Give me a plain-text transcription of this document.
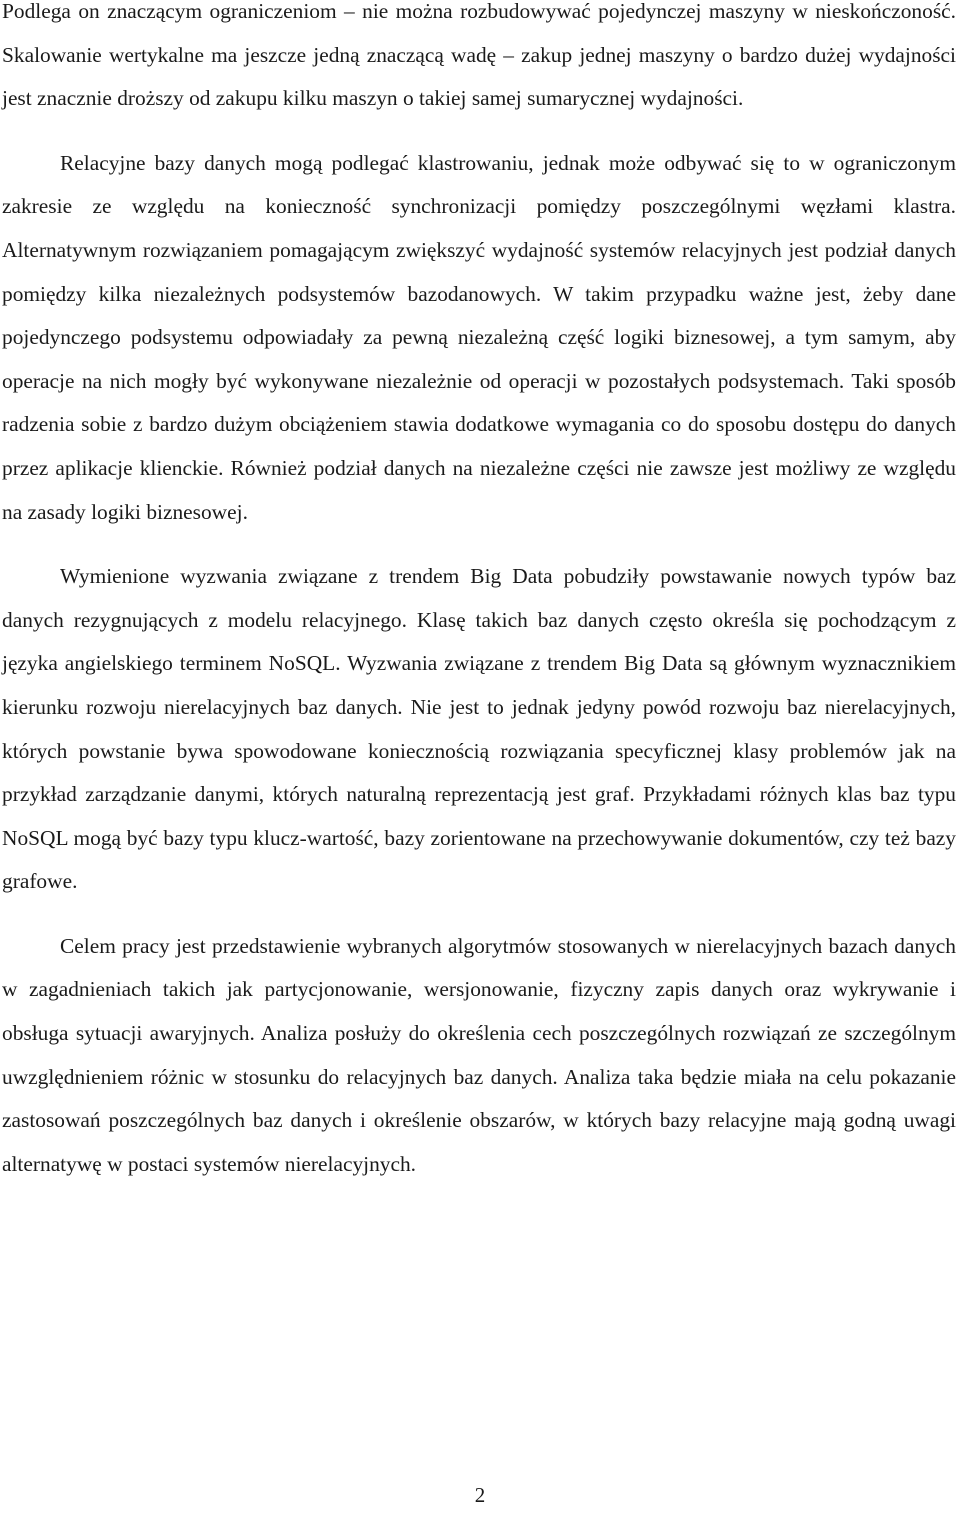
Podlega on znaczącym ograniczeniom – nie można rozbudowywać pojedynczej maszyny w nieskończoność. Skalowanie wertykalne ma jeszcze jedną znaczącą wadę – zakup jednej maszyny o bardzo dużej wydajności jest znacznie droższy od zakupu kilku maszyn o takiej samej sumarycznej wydajności.

Relacyjne bazy danych mogą podlegać klastrowaniu, jednak może odbywać się to w ograniczonym zakresie ze względu na konieczność synchronizacji pomiędzy poszczególnymi węzłami klastra. Alternatywnym rozwiązaniem pomagającym zwiększyć wydajność systemów relacyjnych jest podział danych pomiędzy kilka niezależnych podsystemów bazodanowych. W takim przypadku ważne jest, żeby dane pojedynczego podsystemu odpowiadały za pewną niezależną część logiki biznesowej, a tym samym, aby operacje na nich mogły być wykonywane niezależnie od operacji w pozostałych podsystemach. Taki sposób radzenia sobie z bardzo dużym obciążeniem stawia dodatkowe wymagania co do sposobu dostępu do danych przez aplikacje klienckie. Również podział danych na niezależne części nie zawsze jest możliwy ze względu na zasady logiki biznesowej.

Wymienione wyzwania związane z trendem Big Data pobudziły powstawanie nowych typów baz danych rezygnujących z modelu relacyjnego. Klasę takich baz danych często określa się pochodzącym z języka angielskiego terminem NoSQL. Wyzwania związane z trendem Big Data są głównym wyznacznikiem kierunku rozwoju nierelacyjnych baz danych. Nie jest to jednak jedyny powód rozwoju baz nierelacyjnych, których powstanie bywa spowodowane koniecznością rozwiązania specyficznej klasy problemów jak na przykład zarządzanie danymi, których naturalną reprezentacją jest graf. Przykładami różnych klas baz typu NoSQL mogą być bazy typu klucz-wartość, bazy zorientowane na przechowywanie dokumentów, czy też bazy grafowe.

Celem pracy jest przedstawienie wybranych algorytmów stosowanych w nierelacyjnych bazach danych w zagadnieniach takich jak partycjonowanie, wersjonowanie, fizyczny zapis danych oraz wykrywanie i obsługa sytuacji awaryjnych. Analiza posłuży do określenia cech poszczególnych rozwiązań ze szczególnym uwzględnieniem różnic w stosunku do relacyjnych baz danych. Analiza taka będzie miała na celu pokazanie zastosowań poszczególnych baz danych i określenie obszarów, w których bazy relacyjne mają godną uwagi alternatywę w postaci systemów nierelacyjnych.

2
